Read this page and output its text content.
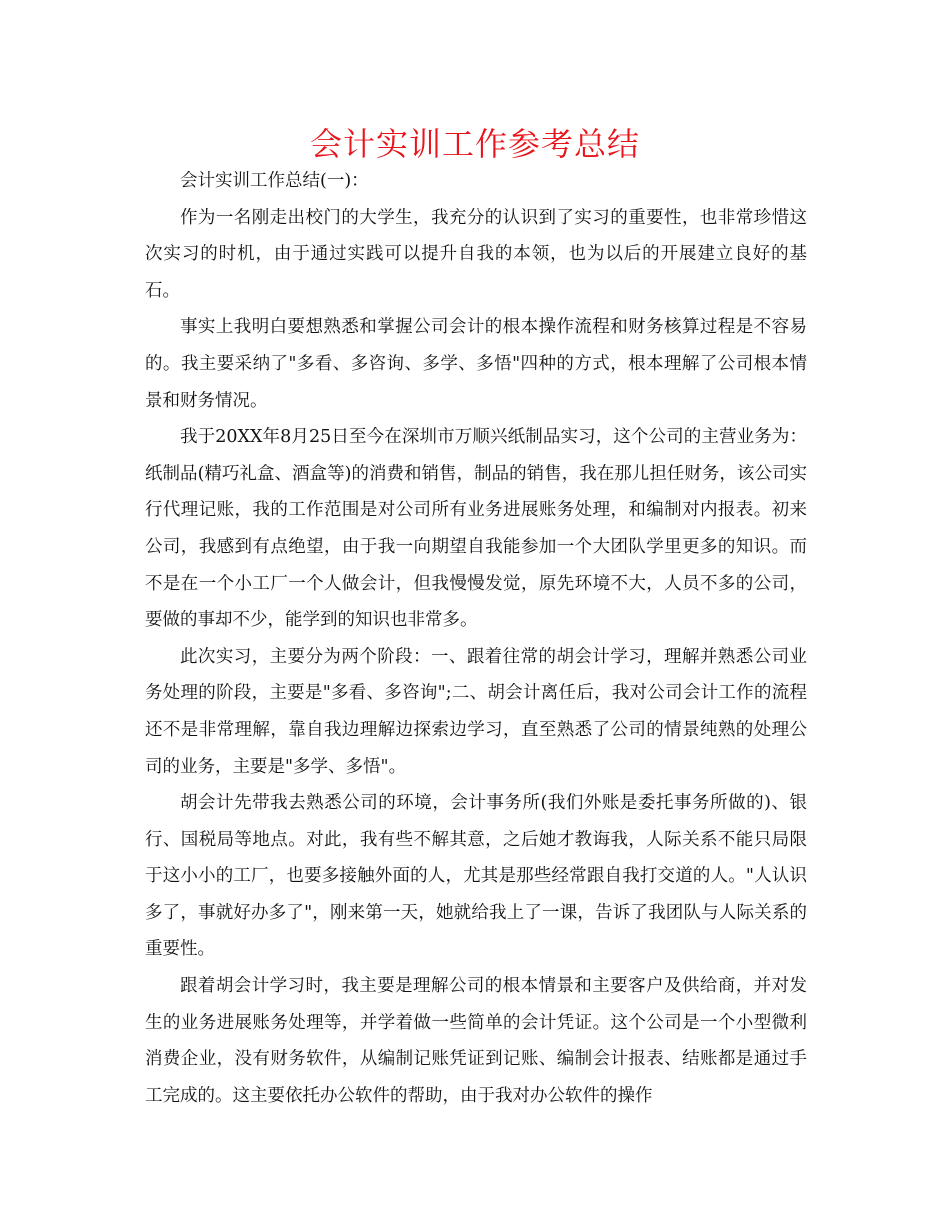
会计实训工作参考总结

会计实训工作总结(一)：

作为一名刚走出校门的大学生，我充分的认识到了实习的重要性，也非常珍惜这次实习的时机，由于通过实践可以提升自我的本领，也为以后的开展建立良好的基石。

事实上我明白要想熟悉和掌握公司会计的根本操作流程和财务核算过程是不容易的。我主要采纳了"多看、多咨询、多学、多悟"四种的方式，根本理解了公司根本情景和财务情况。

我于20XX年8月25日至今在深圳市万顺兴纸制品实习，这个公司的主营业务为：纸制品(精巧礼盒、酒盒等)的消费和销售，制品的销售，我在那儿担任财务，该公司实行代理记账，我的工作范围是对公司所有业务进展账务处理，和编制对内报表。初来公司，我感到有点绝望，由于我一向期望自我能参加一个大团队学里更多的知识。而不是在一个小工厂一个人做会计，但我慢慢发觉，原先环境不大，人员不多的公司，要做的事却不少，能学到的知识也非常多。

此次实习，主要分为两个阶段：一、跟着往常的胡会计学习，理解并熟悉公司业务处理的阶段，主要是"多看、多咨询";二、胡会计离任后，我对公司会计工作的流程还不是非常理解，靠自我边理解边探索边学习，直至熟悉了公司的情景纯熟的处理公司的业务，主要是"多学、多悟"。

胡会计先带我去熟悉公司的环境，会计事务所(我们外账是委托事务所做的)、银行、国税局等地点。对此，我有些不解其意，之后她才教诲我，人际关系不能只局限于这小小的工厂，也要多接触外面的人，尤其是那些经常跟自我打交道的人。"人认识多了，事就好办多了"，刚来第一天，她就给我上了一课，告诉了我团队与人际关系的重要性。

跟着胡会计学习时，我主要是理解公司的根本情景和主要客户及供给商，并对发生的业务进展账务处理等，并学着做一些简单的会计凭证。这个公司是一个小型微利消费企业，没有财务软件，从编制记账凭证到记账、编制会计报表、结账都是通过手工完成的。这主要依托办公软件的帮助，由于我对办公软件的操作
